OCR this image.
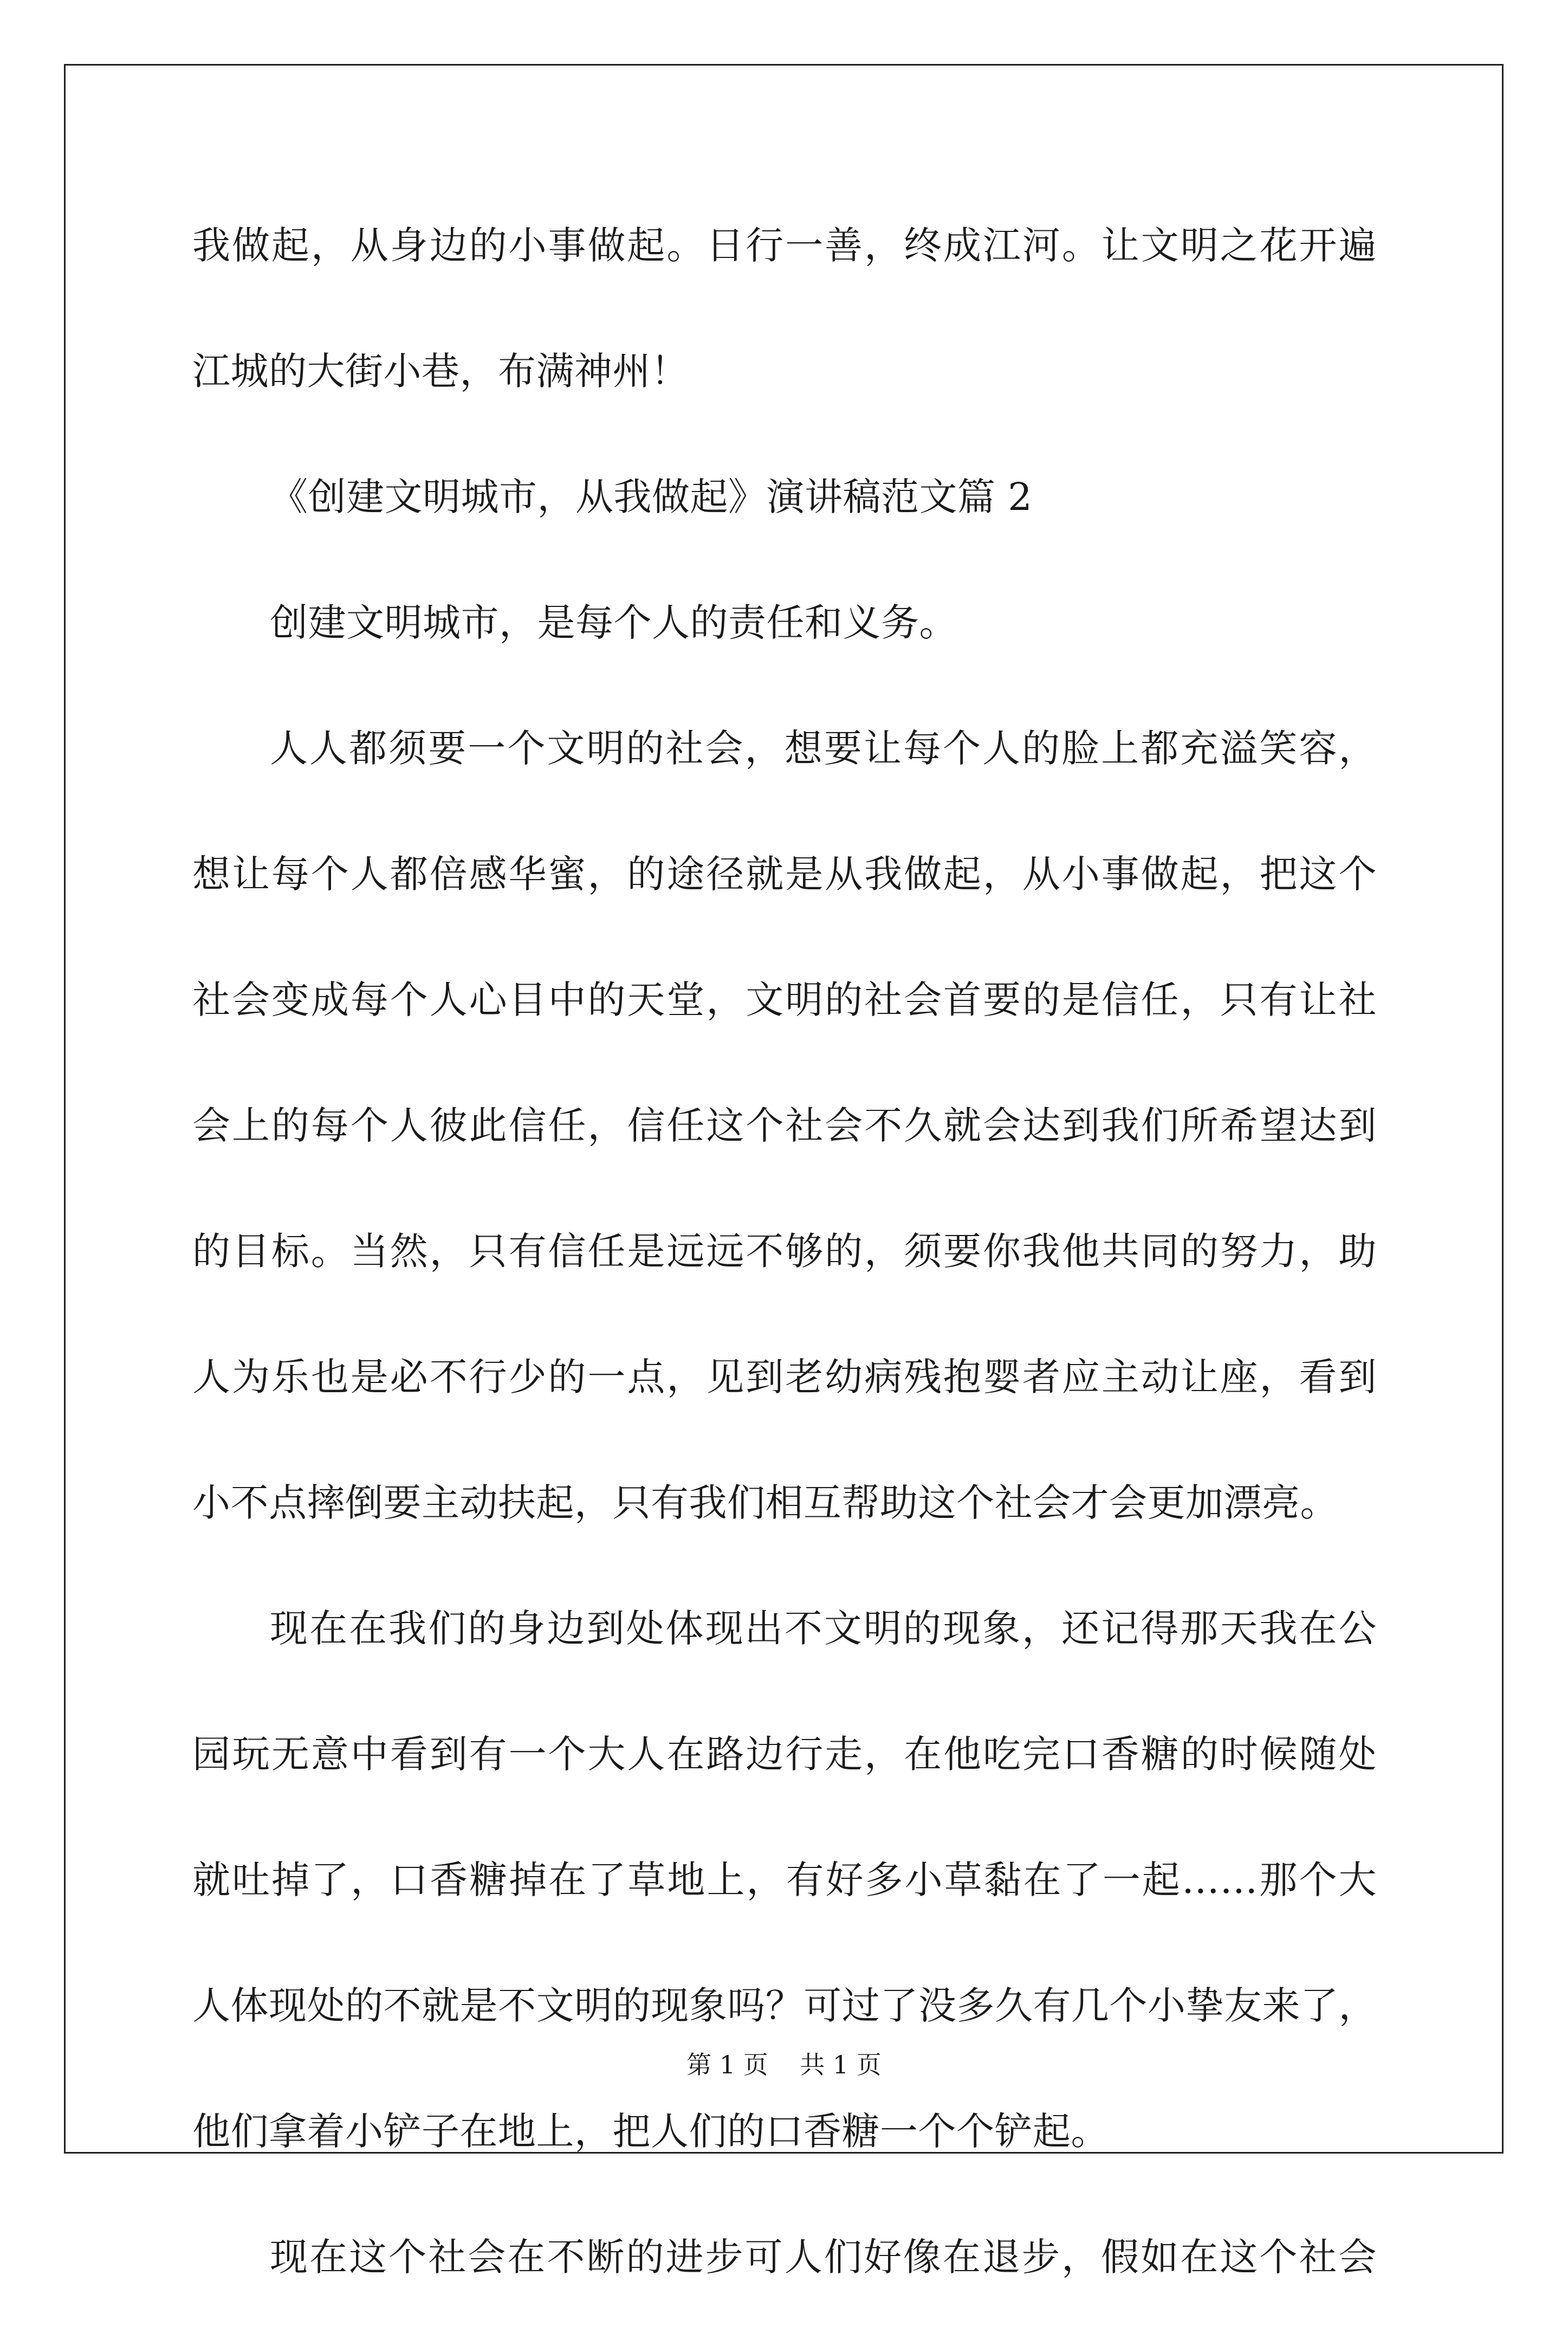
我做起，从身边的小事做起。日行一善，终成江河。让文明之花开遍
江城的大街小巷，布满神州！
《创建文明城市，从我做起》演讲稿范文篇 2
创建文明城市，是每个人的责任和义务。
人人都须要一个文明的社会，想要让每个人的脸上都充溢笑容，
想让每个人都倍感华蜜，的途径就是从我做起，从小事做起，把这个
社会变成每个人心目中的天堂，文明的社会首要的是信任，只有让社
会上的每个人彼此信任，信任这个社会不久就会达到我们所希望达到
的目标。当然，只有信任是远远不够的，须要你我他共同的努力，助
人为乐也是必不行少的一点，见到老幼病残抱婴者应主动让座，看到
小不点摔倒要主动扶起，只有我们相互帮助这个社会才会更加漂亮。
现在在我们的身边到处体现出不文明的现象，还记得那天我在公
园玩无意中看到有一个大人在路边行走，在他吃完口香糖的时候随处
就吐掉了，口香糖掉在了草地上，有好多小草黏在了一起……那个大
人体现处的不就是不文明的现象吗？可过了没多久有几个小挚友来了，
他们拿着小铲子在地上，把人们的口香糖一个个铲起。
现在这个社会在不断的进步可人们好像在退步，假如在这个社会
第 1 页    共 1 页
